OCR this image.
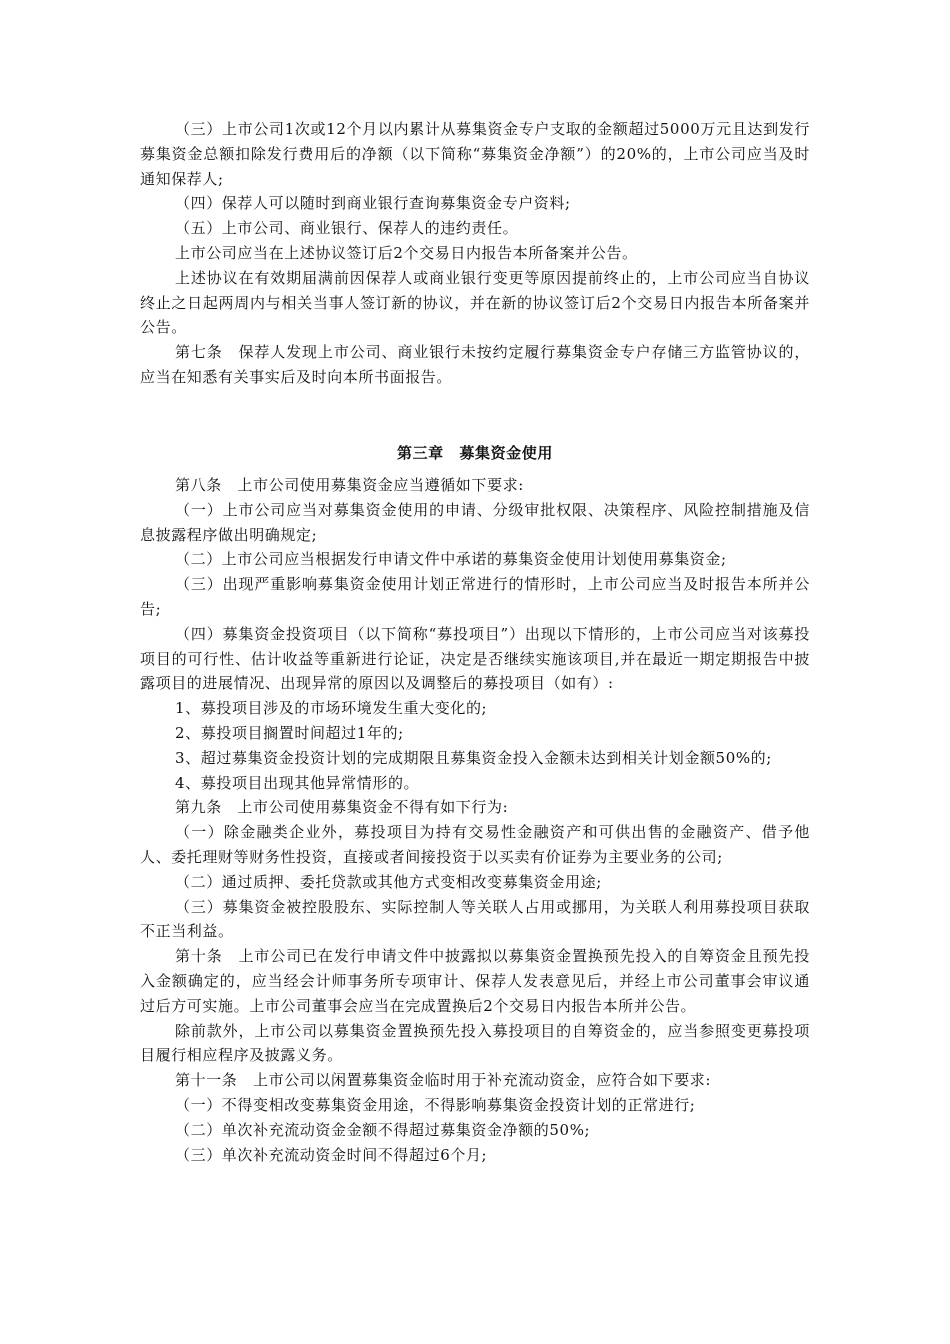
（三）上市公司1次或12个月以内累计从募集资金专户支取的金额超过5000万元且达到发行募集资金总额扣除发行费用后的净额（以下简称“募集资金净额”）的20%的，上市公司应当及时通知保荐人;

（四）保荐人可以随时到商业银行查询募集资金专户资料;

（五）上市公司、商业银行、保荐人的违约责任。

上市公司应当在上述协议签订后2个交易日内报告本所备案并公告。

上述协议在有效期届满前因保荐人或商业银行变更等原因提前终止的，上市公司应当自协议终止之日起两周内与相关当事人签订新的协议，并在新的协议签订后2个交易日内报告本所备案并公告。

第七条　保荐人发现上市公司、商业银行未按约定履行募集资金专户存储三方监管协议的，应当在知悉有关事实后及时向本所书面报告。

第三章　募集资金使用

第八条　上市公司使用募集资金应当遵循如下要求:

（一）上市公司应当对募集资金使用的申请、分级审批权限、决策程序、风险控制措施及信息披露程序做出明确规定;

（二）上市公司应当根据发行申请文件中承诺的募集资金使用计划使用募集资金;

（三）出现严重影响募集资金使用计划正常进行的情形时，上市公司应当及时报告本所并公告;

（四）募集资金投资项目（以下简称“募投项目”）出现以下情形的，上市公司应当对该募投项目的可行性、估计收益等重新进行论证，决定是否继续实施该项目,并在最近一期定期报告中披露项目的进展情况、出现异常的原因以及调整后的募投项目（如有）:

1、募投项目涉及的市场环境发生重大变化的;

2、募投项目搁置时间超过1年的;

3、超过募集资金投资计划的完成期限且募集资金投入金额未达到相关计划金额50%的;

4、募投项目出现其他异常情形的。

第九条　上市公司使用募集资金不得有如下行为:

（一）除金融类企业外，募投项目为持有交易性金融资产和可供出售的金融资产、借予他人、委托理财等财务性投资，直接或者间接投资于以买卖有价证券为主要业务的公司;

（二）通过质押、委托贷款或其他方式变相改变募集资金用途;

（三）募集资金被控股股东、实际控制人等关联人占用或挪用，为关联人利用募投项目获取不正当利益。

第十条　上市公司已在发行申请文件中披露拟以募集资金置换预先投入的自筹资金且预先投入金额确定的，应当经会计师事务所专项审计、保荐人发表意见后，并经上市公司董事会审议通过后方可实施。上市公司董事会应当在完成置换后2个交易日内报告本所并公告。

除前款外，上市公司以募集资金置换预先投入募投项目的自筹资金的，应当参照变更募投项目履行相应程序及披露义务。

第十一条　上市公司以闲置募集资金临时用于补充流动资金，应符合如下要求:

（一）不得变相改变募集资金用途，不得影响募集资金投资计划的正常进行;

（二）单次补充流动资金金额不得超过募集资金净额的50%;

（三）单次补充流动资金时间不得超过6个月;
